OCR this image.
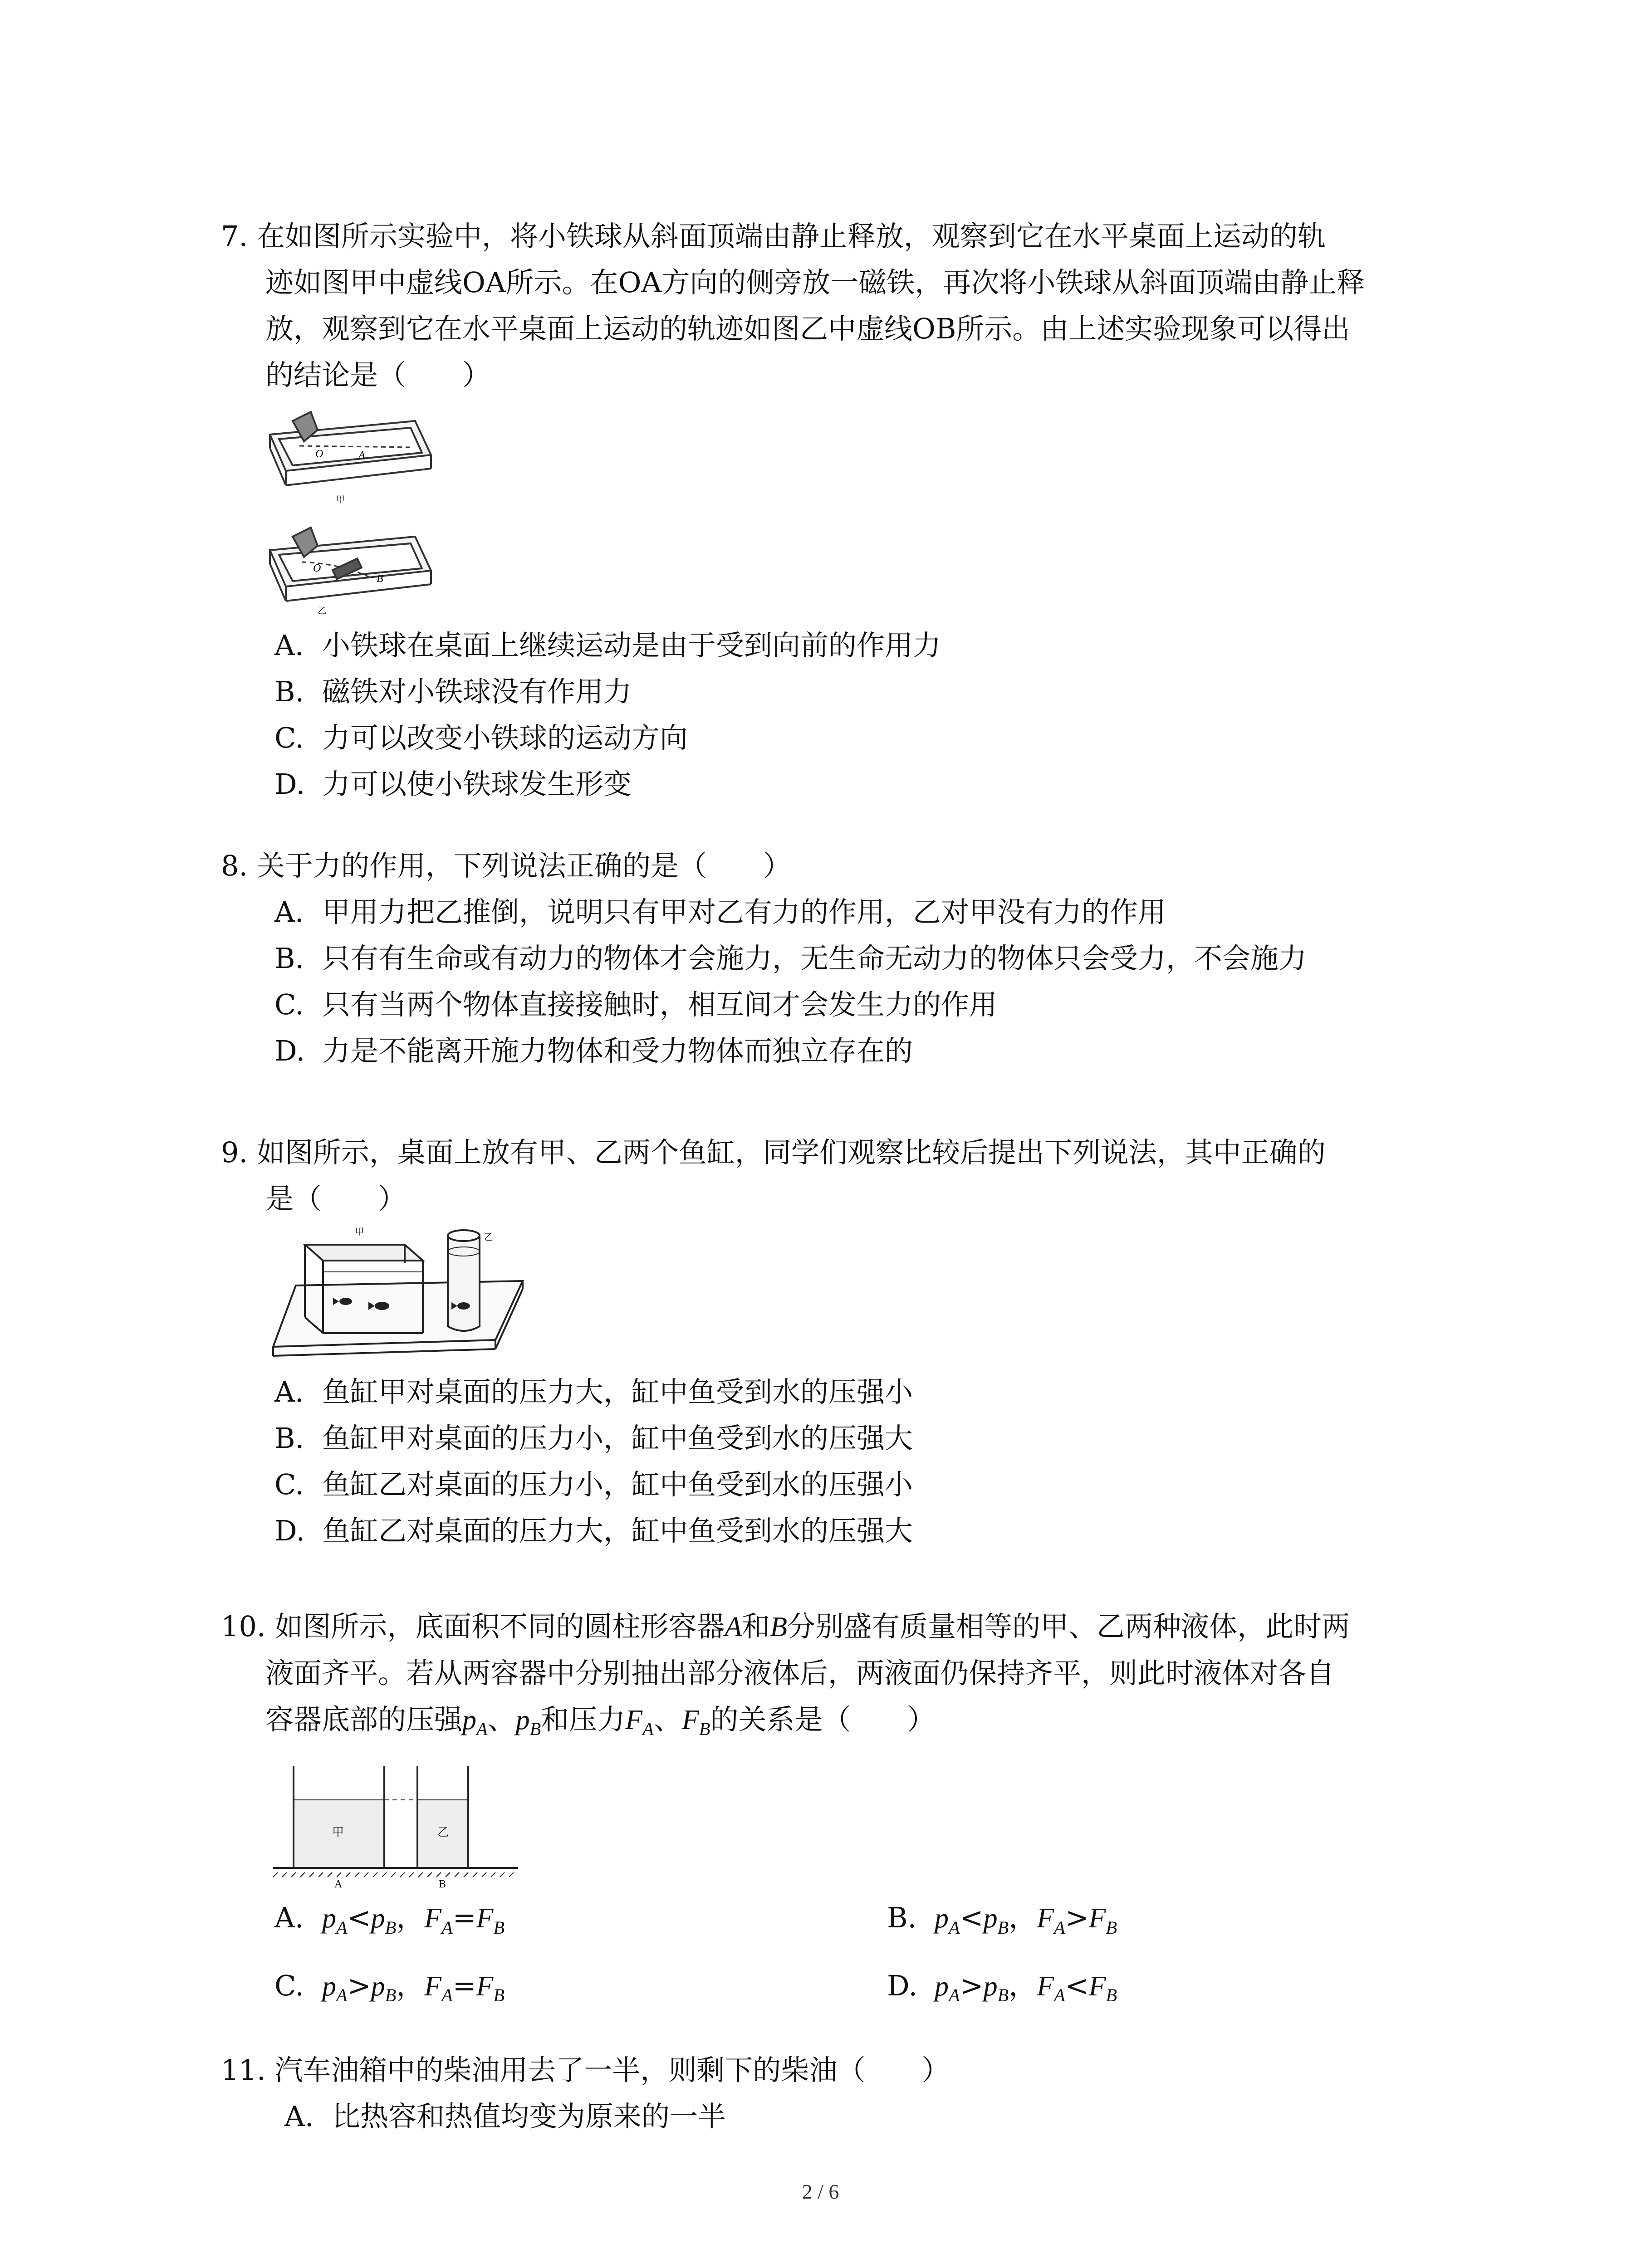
7. 在如图所示实验中，将小铁球从斜面顶端由静止释放，观察到它在水平桌面上运动的轨
迹如图甲中虚线OA所示。在OA方向的侧旁放一磁铁，再次将小铁球从斜面顶端由静止释
放，观察到它在水平桌面上运动的轨迹如图乙中虚线OB所示。由上述实验现象可以得出
的结论是（　　）
O	A
甲
O
B
乙
A. 小铁球在桌面上继续运动是由于受到向前的作用力
B. 磁铁对小铁球没有作用力
C. 力可以改变小铁球的运动方向
D. 力可以使小铁球发生形变
8. 关于力的作用，下列说法正确的是（　　）
A. 甲用力把乙推倒，说明只有甲对乙有力的作用，乙对甲没有力的作用
B. 只有有生命或有动力的物体才会施力，无生命无动力的物体只会受力，不会施力
C. 只有当两个物体直接接触时，相互间才会发生力的作用
D. 力是不能离开施力物体和受力物体而独立存在的
9. 如图所示，桌面上放有甲、乙两个鱼缸，同学们观察比较后提出下列说法，其中正确的
是（　　）
甲	乙
A. 鱼缸甲对桌面的压力大，缸中鱼受到水的压强小
B. 鱼缸甲对桌面的压力小，缸中鱼受到水的压强大
C. 鱼缸乙对桌面的压力小，缸中鱼受到水的压强小
D. 鱼缸乙对桌面的压力大，缸中鱼受到水的压强大
10. 如图所示，底面积不同的圆柱形容器A和B分别盛有质量相等的甲、乙两种液体，此时两
液面齐平。若从两容器中分别抽出部分液体后，两液面仍保持齐平，则此时液体对各自
容器底部的压强$p_A$、$p_B$和压力$F_A$、$F_B$的关系是（　　）
甲	乙
A	B
A. $p_A<p_B$，$F_A=F_B$	B. $p_A<p_B$，$F_A>F_B$
C. $p_A>p_B$，$F_A=F_B$	D. $p_A>p_B$，$F_A<F_B$
11. 汽车油箱中的柴油用去了一半，则剩下的柴油（　　）
A. 比热容和热值均变为原来的一半
2 / 6
